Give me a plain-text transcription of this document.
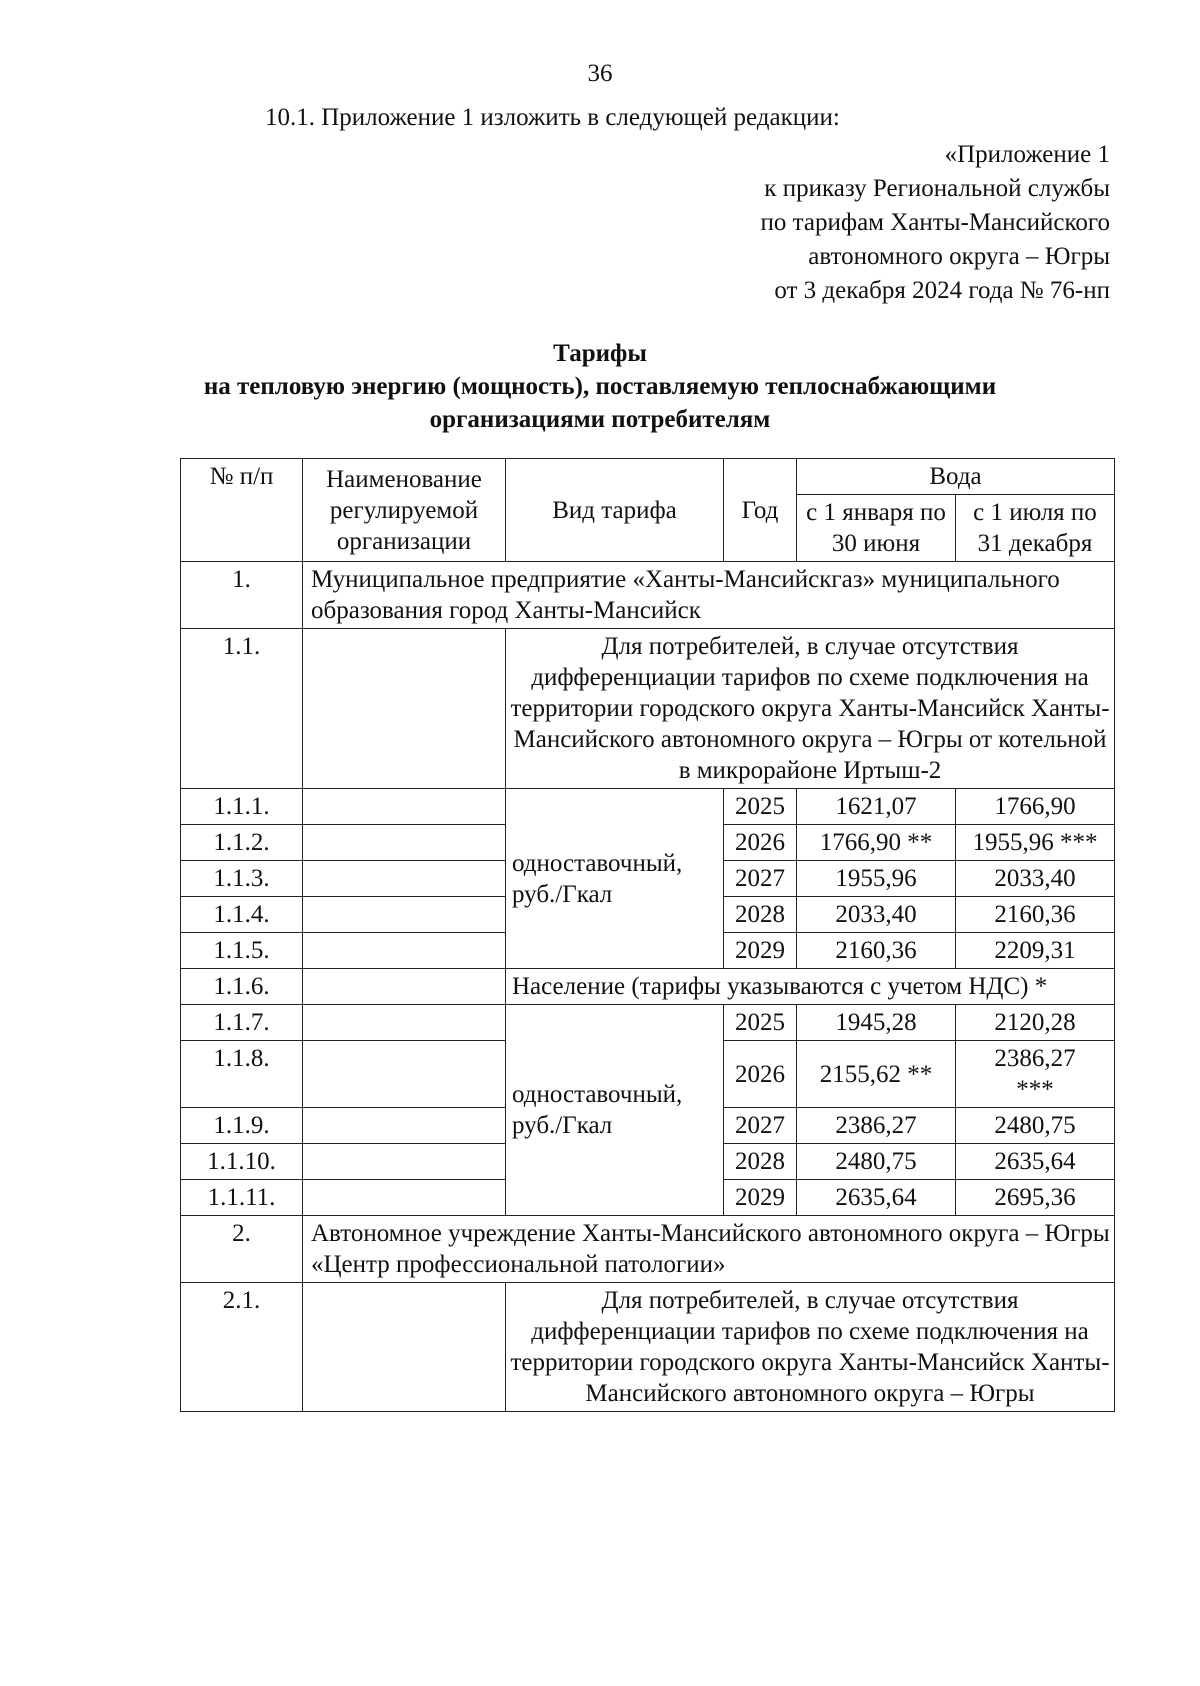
36
10.1. Приложение 1 изложить в следующей редакции:
«Приложение 1
к приказу Региональной службы
по тарифам Ханты-Мансийского
автономного округа – Югры
от 3 декабря 2024 года № 76-нп
Тарифы
на тепловую энергию (мощность), поставляемую теплоснабжающими
организациями потребителям
№ п/п	Наименование регулируемой организации	Вид тарифа	Год	Вода	
				с 1 января по 30 июня	с 1 июля по 31 декабря
1.	Муниципальное предприятие «Ханты-Мансийскгаз» муниципального образования город Ханты-Мансийск				
1.1.		Для потребителей, в случае отсутствия дифференциации тарифов по схеме подключения на территории городского округа Ханты-Мансийск Ханты-Мансийского автономного округа – Югры от котельной в микрорайоне Иртыш-2			
1.1.1.		одноставочный, руб./Гкал	2025	1621,07	1766,90
1.1.2.			2026	1766,90 **	1955,96 ***
1.1.3.			2027	1955,96	2033,40
1.1.4.			2028	2033,40	2160,36
1.1.5.			2029	2160,36	2209,31
1.1.6.		Население (тарифы указываются с учетом НДС) *			
1.1.7.		одноставочный, руб./Гкал	2025	1945,28	2120,28
1.1.8.			2026	2155,62 **	2386,27 ***
1.1.9.			2027	2386,27	2480,75
1.1.10.			2028	2480,75	2635,64
1.1.11.			2029	2635,64	2695,36
2.	Автономное учреждение Ханты-Мансийского автономного округа – Югры «Центр профессиональной патологии»				
2.1.		Для потребителей, в случае отсутствия дифференциации тарифов по схеме подключения на территории городского округа Ханты-Мансийск Ханты-Мансийского автономного округа – Югры			
